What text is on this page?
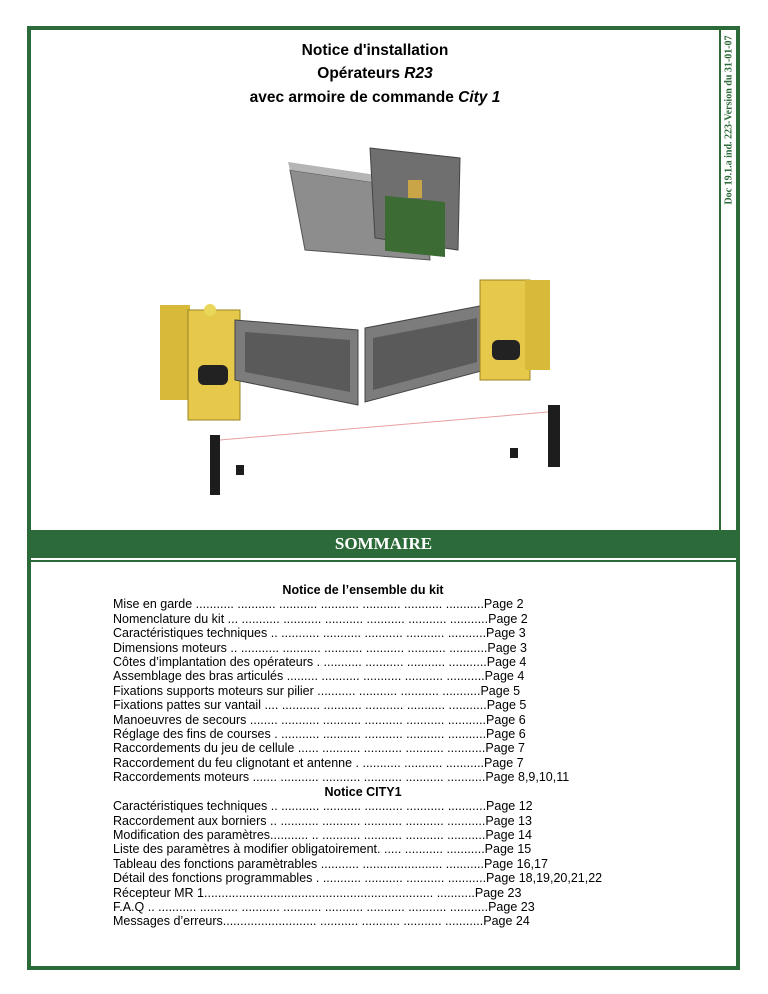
Doc 19.1.a ind. 223-Version du 31-01-07
Notice d'installation
Opérateurs R23
avec armoire de commande City 1
SOMMAIRE
Notice de l’ensemble du kit
Mise en garde ........... ........... ........... ........... ........... ........... ...........Page 2
Nomenclature du kit ... ........... ........... ........... ........... ........... ...........Page 2
Caractéristiques techniques .. ........... ........... ........... ........... ...........Page 3
Dimensions moteurs .. ........... ........... ........... ........... ........... ...........Page 3
Côtes d’implantation des opérateurs . ........... ........... ........... ...........Page 4
Assemblage des bras articulés ......... ........... ........... ........... ...........Page 4
Fixations supports moteurs sur pilier ........... ........... ........... ...........Page 5
Fixations pattes sur vantail .... ........... ........... ........... ........... ...........Page 5
Manoeuvres de secours ........ ........... ........... ........... ........... ...........Page 6
Réglage des fins de courses . ........... ........... ........... ........... ...........Page 6
Raccordements du jeu de cellule ...... ........... ........... ........... ...........Page 7
Raccordement du feu clignotant et antenne . ........... ........... ...........Page 7
Raccordements moteurs ....... ........... ........... ........... ........... ...........Page 8,9,10,11
Notice CITY1
Caractéristiques techniques .. ........... ........... ........... ........... ...........Page 12
Raccordement aux borniers .. ........... ........... ........... ........... ...........Page 13
Modification des paramètres........... .. ........... ........... ........... ...........Page 14
Liste des paramètres à modifier obligatoirement. ..... ........... ...........Page 15
Tableau des fonctions paramètrables ........... ....................... ...........Page 16,17
Détail des fonctions programmables . ........... ........... ........... ...........Page 18,19,20,21,22
Récepteur MR 1.................................................................. ...........Page 23
F.A.Q .. ........... ........... ........... ........... ........... ........... ........... ...........Page 23
Messages d’erreurs........................... ........... ........... ........... ...........Page 24
